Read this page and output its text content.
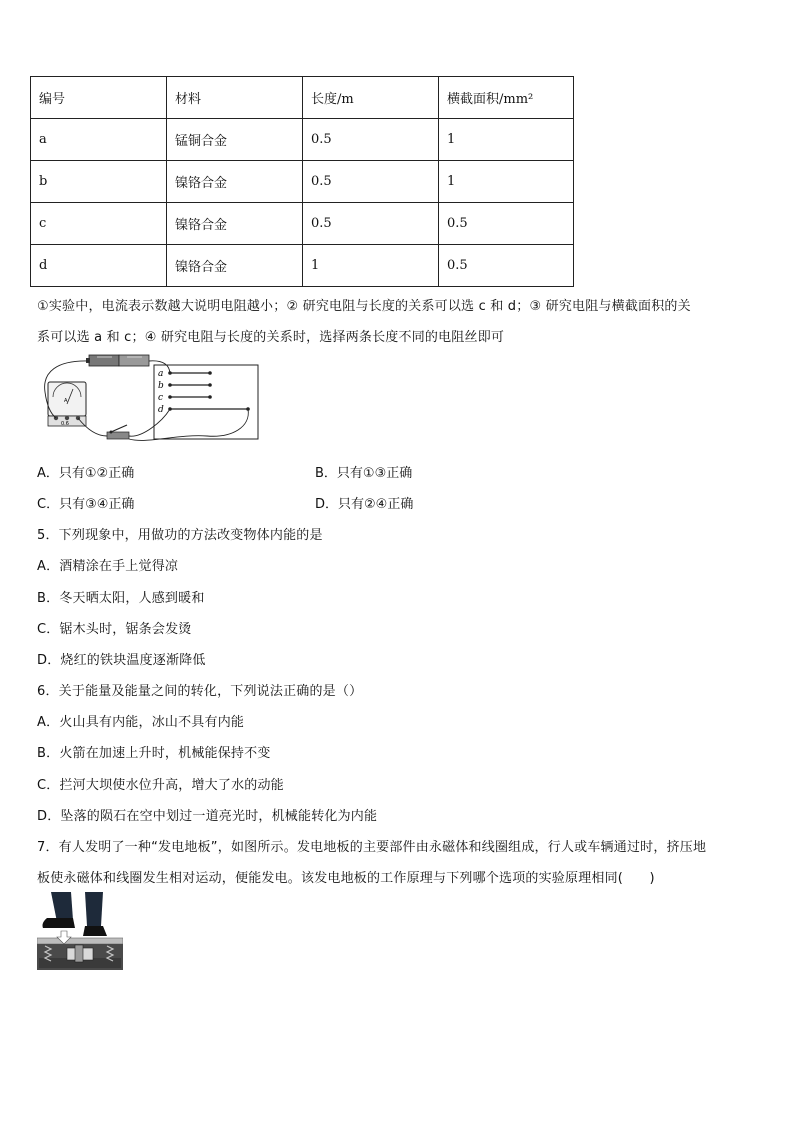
编号	材料	长度/m	横截面积/mm²
a	锰铜合金	0.5	1
b	镍铬合金	0.5	1
c	镍铬合金	0.5	0.5
d	镍铬合金	1	0.5
①实验中，电流表示数越大说明电阻越小；② 研究电阻与长度的关系可以选 c 和 d；③ 研究电阻与横截面积的关
系可以选 a 和 c；④ 研究电阻与长度的关系时，选择两条长度不同的电阻丝即可
a
b
c
d
A
0.6
A．只有①②正确	B．只有①③正确
C．只有③④正确	D．只有②④正确
5．下列现象中，用做功的方法改变物体内能的是
A．酒精涂在手上觉得凉
B．冬天晒太阳，人感到暖和
C．锯木头时，锯条会发烫
D．烧红的铁块温度逐渐降低
6．关于能量及能量之间的转化，下列说法正确的是（）
A．火山具有内能，冰山不具有内能
B．火箭在加速上升时，机械能保持不变
C．拦河大坝使水位升高，增大了水的动能
D．坠落的陨石在空中划过一道亮光时，机械能转化为内能
7．有人发明了一种“发电地板”，如图所示。发电地板的主要部件由永磁体和线圈组成，行人或车辆通过时，挤压地
板使永磁体和线圈发生相对运动，便能发电。该发电地板的工作原理与下列哪个选项的实验原理相同(　　)
